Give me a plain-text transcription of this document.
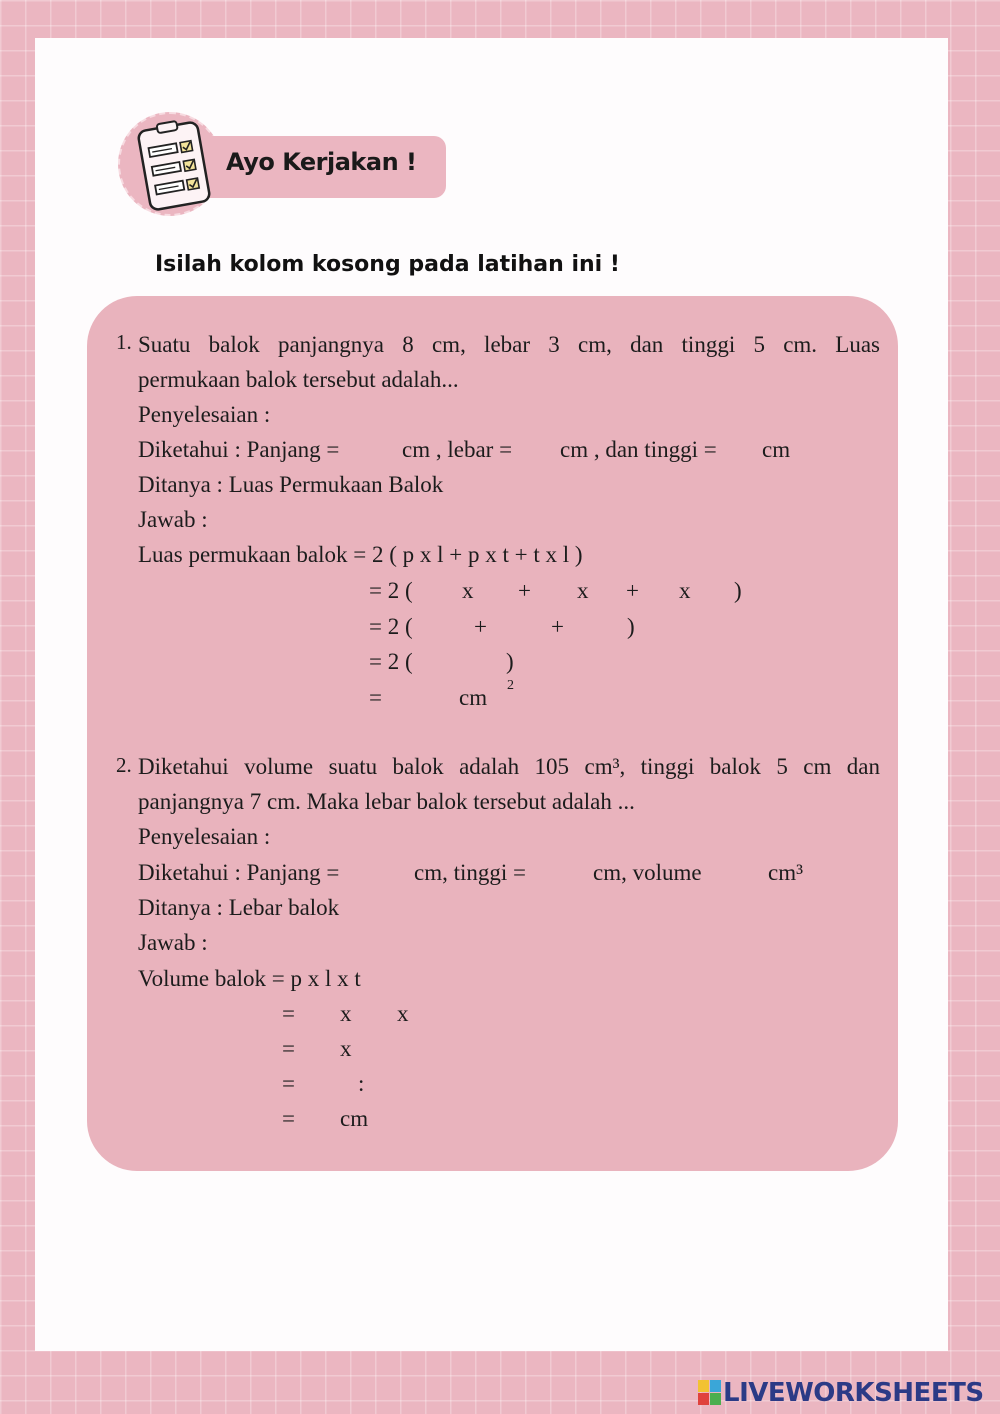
Ayo Kerjakan !
Isilah kolom kosong pada latihan ini !
1. Suatu balok panjangnya 8 cm, lebar 3 cm, dan tinggi 5 cm. Luas
permukaan balok tersebut adalah...
Penyelesaian :
Diketahui : Panjang =	cm , lebar = cm , dan tinggi = cm
Ditanya : Luas Permukaan Balok
Jawab :
Luas permukaan balok = 2 ( p x l + p x t + t x l )
= 2 ( x + x + x )
= 2 (	+	+	)
= 2 (	)
=	cm 2
2. Diketahui volume suatu balok adalah 105 cm³, tinggi balok 5 cm dan
panjangnya 7 cm. Maka lebar balok tersebut adalah ...
Penyelesaian :
Diketahui : Panjang =	cm, tinggi =	cm, volume	cm³
Ditanya : Lebar balok
Jawab :
Volume balok = p x l x t
= x x
= x
=	:
= cm
LIVEWORKSHEETS
